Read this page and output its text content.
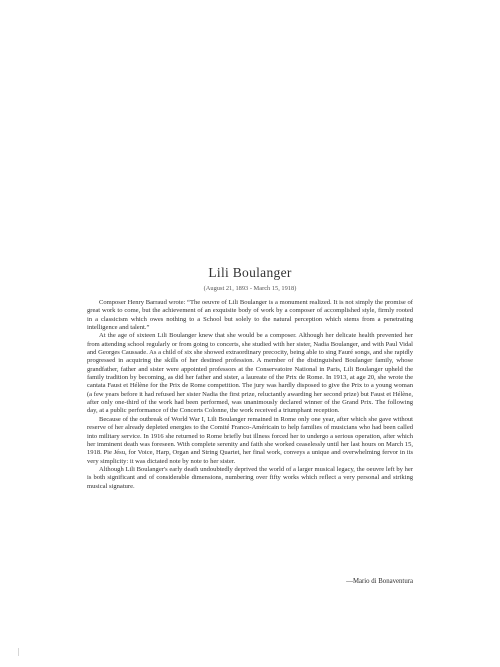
Lili Boulanger
(August 21, 1893 - March 15, 1918)

Composer Henry Barraud wrote: “The oeuvre of Lili Boulanger is a monument realized. It is not simply the promise of great work to come, but the achievement of an exquisite body of work by a composer of accomplished style, firmly rooted in a classicism which owes nothing to a School but solely to the natural perception which stems from a penetrating intelligence and talent.”

At the age of sixteen Lili Boulanger knew that she would be a composer. Although her delicate health prevented her from attending school regularly or from going to concerts, she studied with her sister, Nadia Boulanger, and with Paul Vidal and Georges Caussade. As a child of six she showed extraordinary precocity, being able to sing Fauré songs, and she rapidly progressed in acquiring the skills of her destined profession. A member of the distinguished Boulanger family, whose grandfather, father and sister were appointed professors at the Conservatoire National in Paris, Lili Boulanger upheld the family tradition by becoming, as did her father and sister, a laureate of the Prix de Rome. In 1913, at age 20, she wrote the cantata Faust et Hélène for the Prix de Rome competition. The jury was hardly disposed to give the Prix to a young woman (a few years before it had refused her sister Nadia the first prize, reluctantly awarding her second prize) but Faust et Hélène, after only one-third of the work had been performed, was unanimously declared winner of the Grand Prix. The following day, at a public performance of the Concerts Colonne, the work received a triumphant reception.

Because of the outbreak of World War I, Lili Boulanger remained in Rome only one year, after which she gave without reserve of her already depleted energies to the Comité Franco-Américain to help families of musicians who had been called into military service. In 1916 she returned to Rome briefly but illness forced her to undergo a serious operation, after which her imminent death was foreseen. With complete serenity and faith she worked ceaselessly until her last hours on March 15, 1918. Pie Jésu, for Voice, Harp, Organ and String Quartet, her final work, conveys a unique and overwhelming fervor in its very simplicity: it was dictated note by note to her sister.

Although Lili Boulanger's early death undoubtedly deprived the world of a larger musical legacy, the oeuvre left by her is both significant and of considerable dimensions, numbering over fifty works which reflect a very personal and striking musical signature.

—Mario di Bonaventura
